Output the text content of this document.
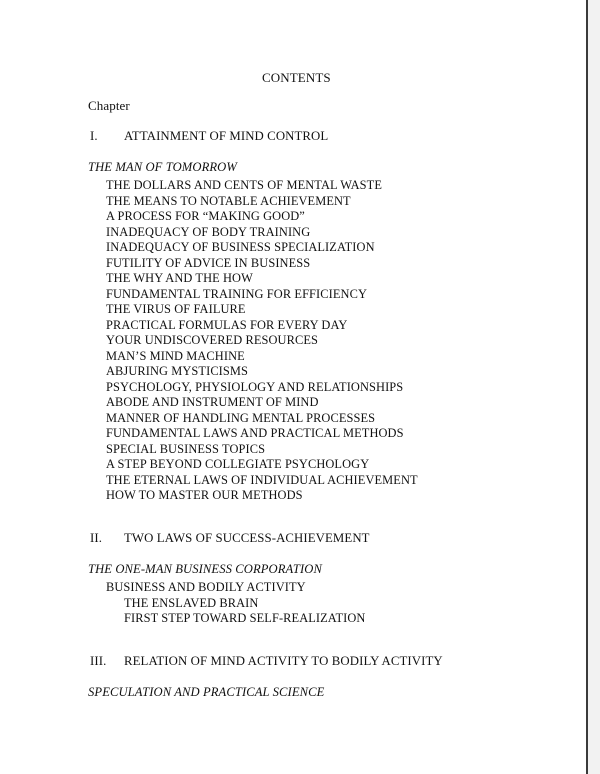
CONTENTS
Chapter
I. ATTAINMENT OF MIND CONTROL
THE MAN OF TOMORROW
THE DOLLARS AND CENTS OF MENTAL WASTE
THE MEANS TO NOTABLE ACHIEVEMENT
A PROCESS FOR “MAKING GOOD”
INADEQUACY OF BODY TRAINING
INADEQUACY OF BUSINESS SPECIALIZATION
FUTILITY OF ADVICE IN BUSINESS
THE WHY AND THE HOW
FUNDAMENTAL TRAINING FOR EFFICIENCY
THE VIRUS OF FAILURE
PRACTICAL FORMULAS FOR EVERY DAY
YOUR UNDISCOVERED RESOURCES
MAN’S MIND MACHINE
ABJURING MYSTICISMS
PSYCHOLOGY, PHYSIOLOGY AND RELATIONSHIPS
ABODE AND INSTRUMENT OF MIND
MANNER OF HANDLING MENTAL PROCESSES
FUNDAMENTAL LAWS AND PRACTICAL METHODS
SPECIAL BUSINESS TOPICS
A STEP BEYOND COLLEGIATE PSYCHOLOGY
THE ETERNAL LAWS OF INDIVIDUAL ACHIEVEMENT
HOW TO MASTER OUR METHODS
II. TWO LAWS OF SUCCESS-ACHIEVEMENT
THE ONE-MAN BUSINESS CORPORATION
BUSINESS AND BODILY ACTIVITY
THE ENSLAVED BRAIN
FIRST STEP TOWARD SELF-REALIZATION
III. RELATION OF MIND ACTIVITY TO BODILY ACTIVITY
SPECULATION AND PRACTICAL SCIENCE
